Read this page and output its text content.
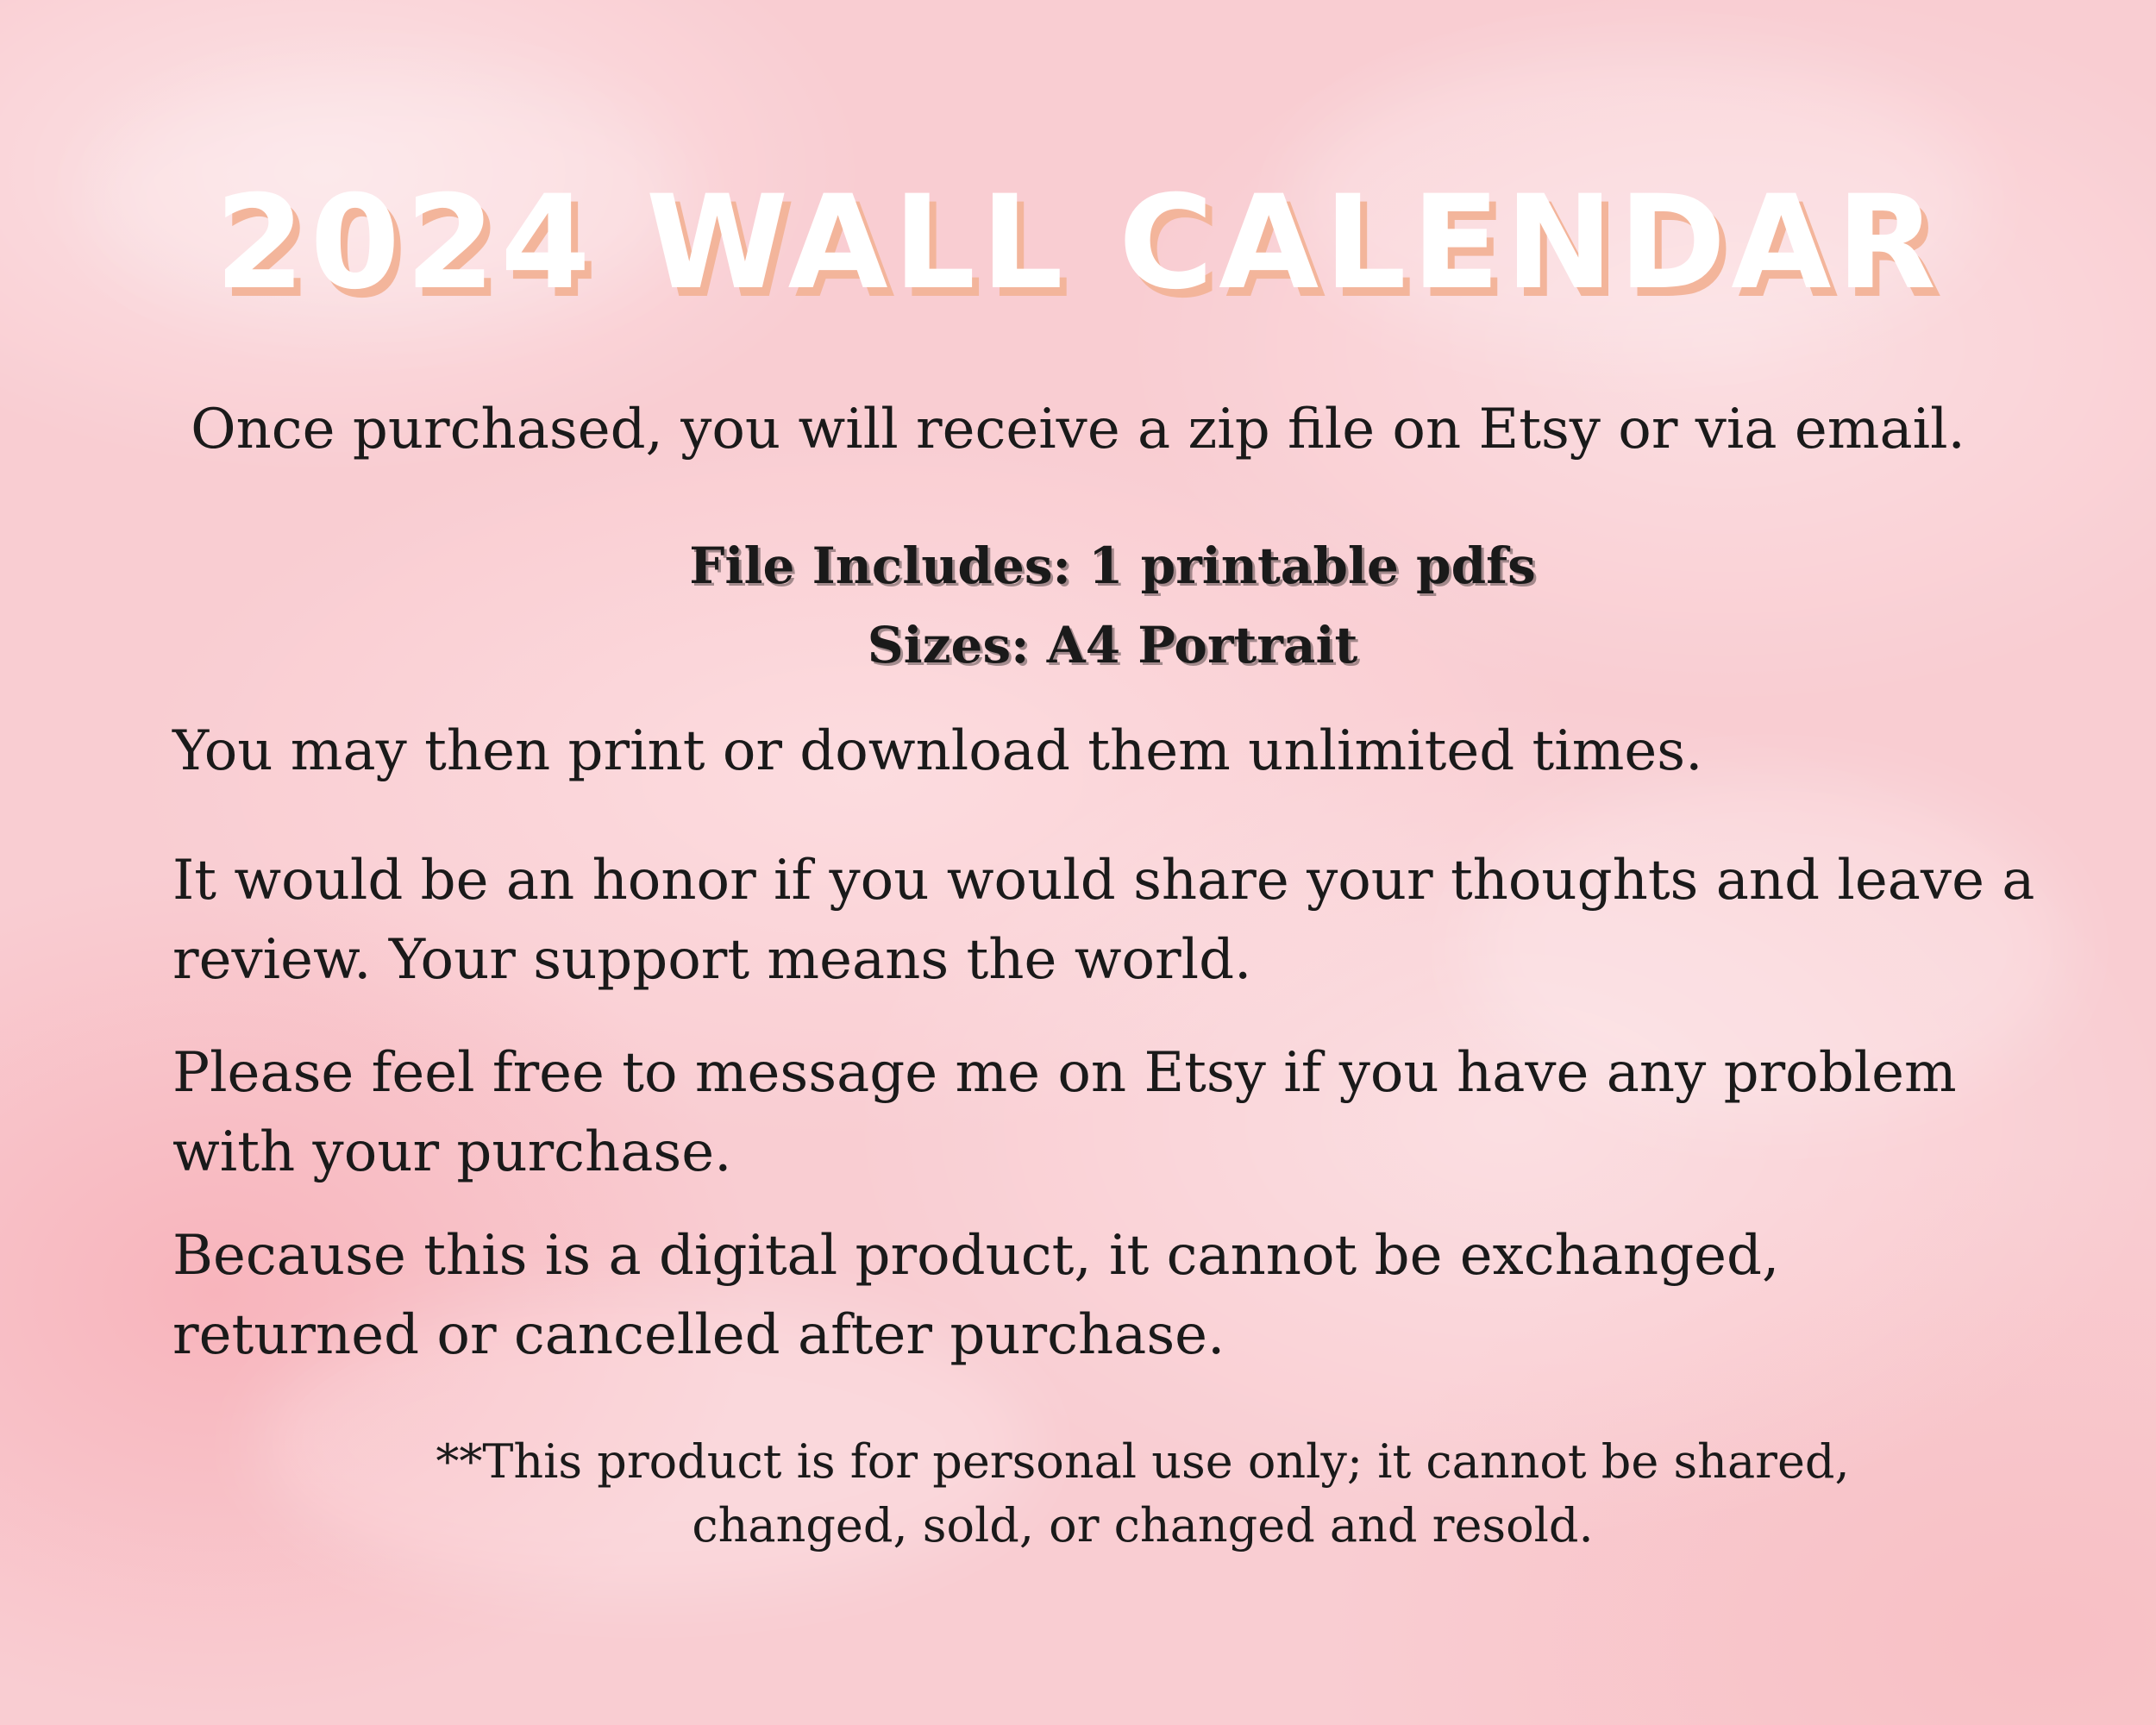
2024 WALL CALENDAR

Once purchased, you will receive a zip file on Etsy or via email.

File Includes: 1 printable pdfs
Sizes: A4 Portrait

You may then print or download them unlimited times.

It would be an honor if you would share your thoughts and leave a review. Your support means the world.

Please feel free to message me on Etsy if you have any problem with your purchase.

Because this is a digital product, it cannot be exchanged, returned or cancelled after purchase.

**This product is for personal use only; it cannot be shared, changed, sold, or changed and resold.
